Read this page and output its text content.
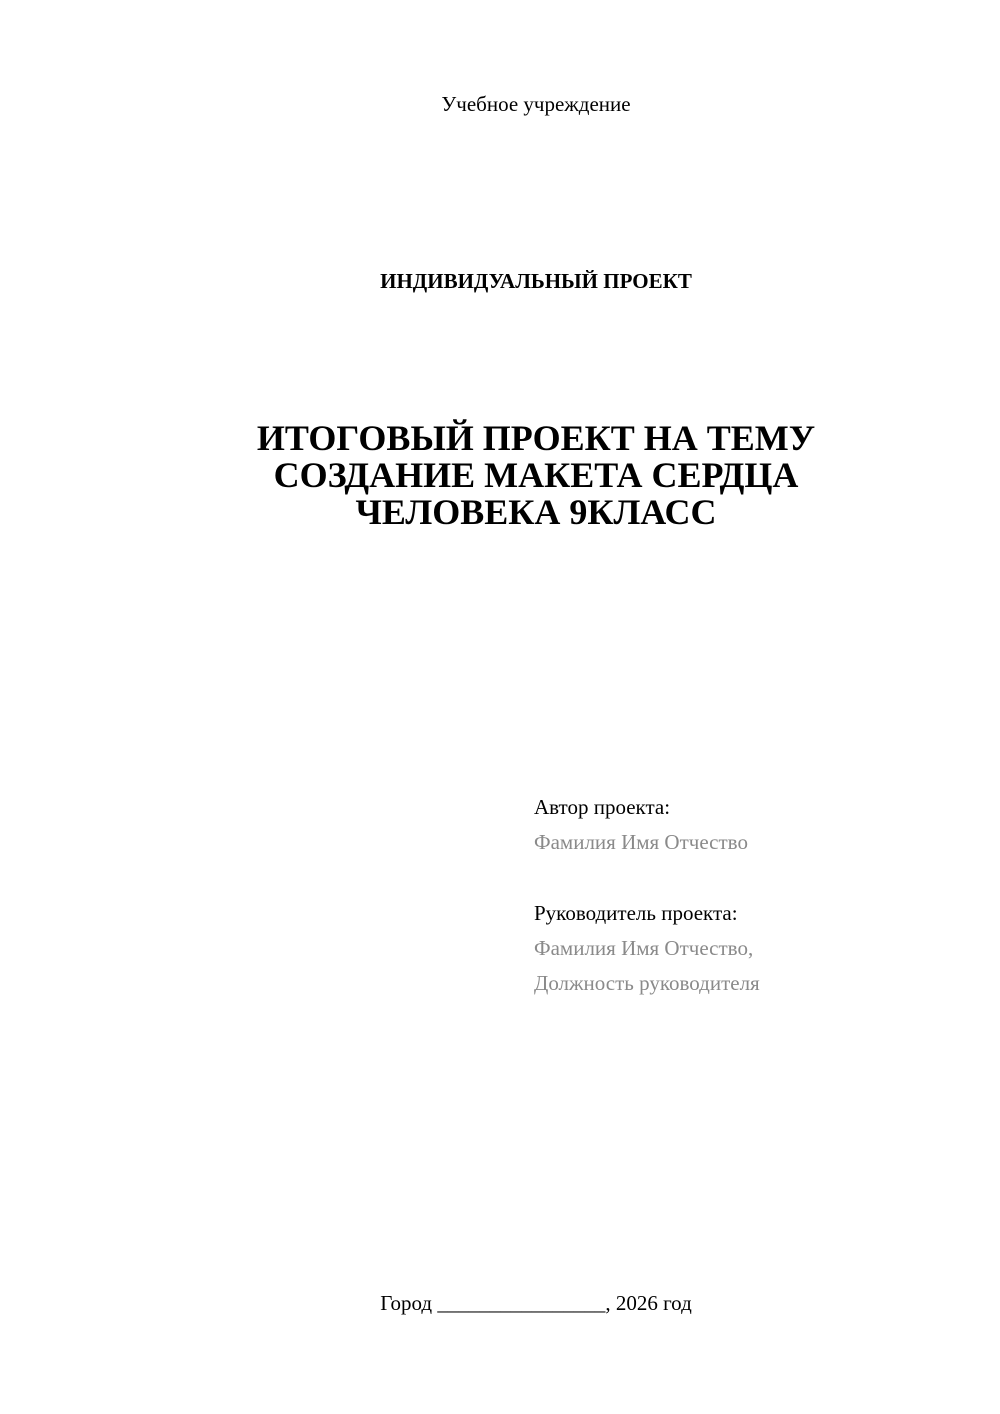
Учебное учреждение
ИНДИВИДУАЛЬНЫЙ ПРОЕКТ
ИТОГОВЫЙ ПРОЕКТ НА ТЕМУ
СОЗДАНИЕ МАКЕТА СЕРДЦА
ЧЕЛОВЕКА 9КЛАСС
Автор проекта:
Фамилия Имя Отчество
Руководитель проекта:
Фамилия Имя Отчество,
Должность руководителя
Город ________________, 2026 год
